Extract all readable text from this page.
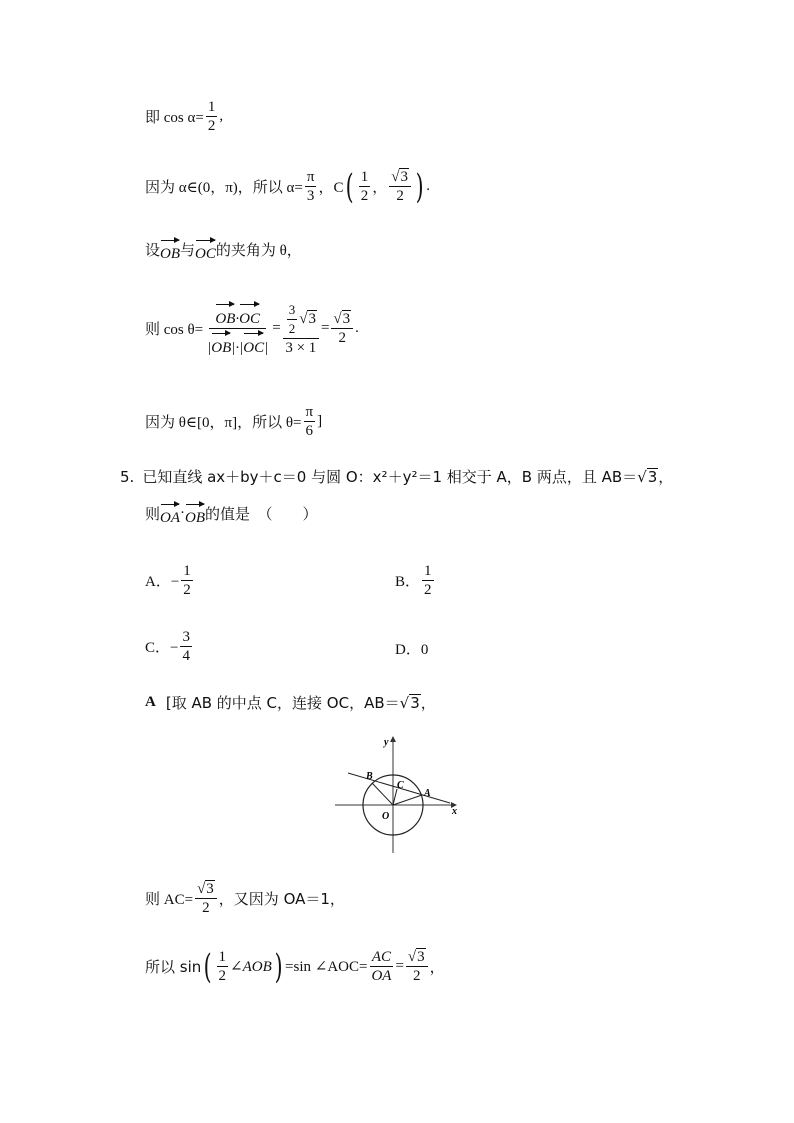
即 $\cos \alpha= \frac{1}{2}$ ,
因为 α∈(0，π)，所以 $\alpha= \frac{\pi}{3}$ ，C ( $\frac{1}{2}$ ， $\frac{√ 3}{2}$ ) .
设 OB 与 OC 的夹角为 θ，
则 $\cos \theta= \frac{OB\cdot OC}{|OB|\cdot|OC|} = \frac{\frac{3}{2} √ 3}{3 \times 1} = \frac{√ 3}{2}$ .
因为 θ∈[0，π]，所以 $\theta= \frac{\pi}{6}$ ]
5. 已知直线 ax＋by＋c＝0 与圆 O：x²＋y²＝1 相交于 A，B 两点，且 AB＝ √ 3 ，
则 OA · OB 的值是　（　　）
A．− $\frac{1}{2}$	B． $\frac{1}{2}$
C．− $\frac{3}{4}$	D．0
A [取 AB 的中点 C，连接 OC，AB＝ √ 3 ，
y
x
B
C
A
O
则 $AC= \frac{√ 3}{2}$ ，又因为 OA＝1，
所以 sin ( $\frac{1}{2}$ ∠AOB ) =sin ∠AOC= $\frac{AC}{OA} = \frac{√ 3}{2}$ ，
